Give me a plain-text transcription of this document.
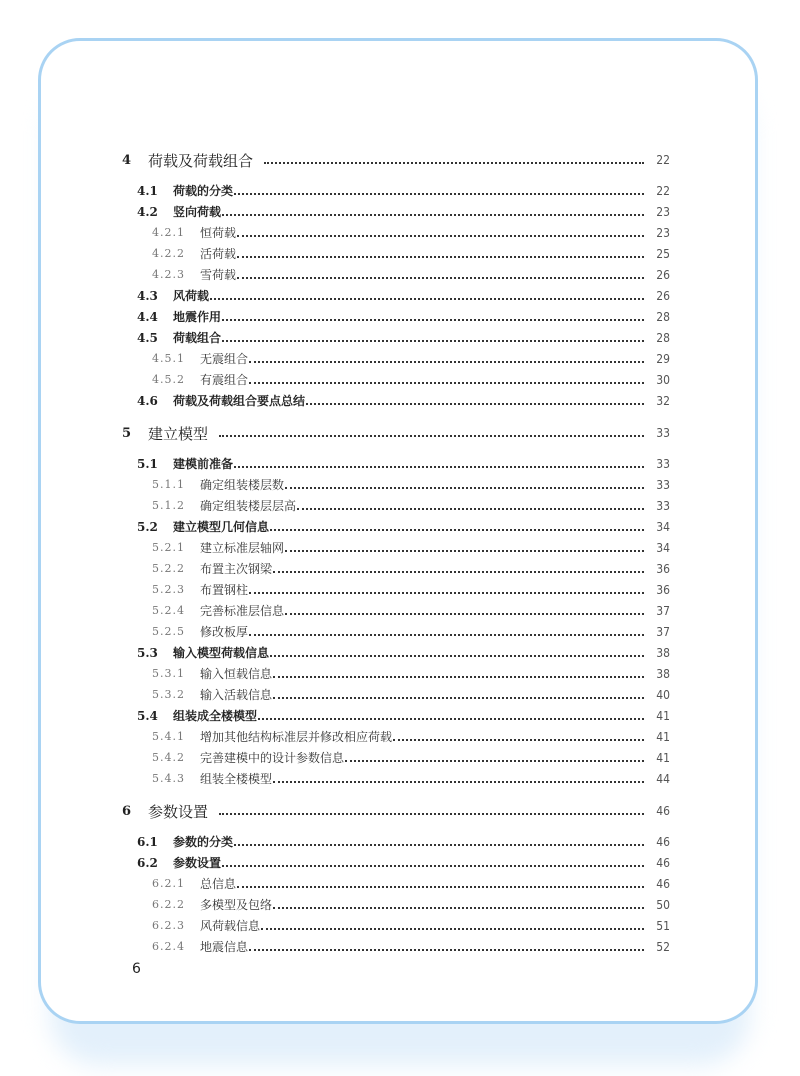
4	荷载及荷载组合	22
4.1	荷载的分类	22
4.2	竖向荷载	23
4.2.1	恒荷载	23
4.2.2	活荷载	25
4.2.3	雪荷载	26
4.3	风荷载	26
4.4	地震作用	28
4.5	荷载组合	28
4.5.1	无震组合	29
4.5.2	有震组合	30
4.6	荷载及荷载组合要点总结	32
5	建立模型	33
5.1	建模前准备	33
5.1.1	确定组装楼层数	33
5.1.2	确定组装楼层层高	33
5.2	建立模型几何信息	34
5.2.1	建立标准层轴网	34
5.2.2	布置主次钢梁	36
5.2.3	布置钢柱	36
5.2.4	完善标准层信息	37
5.2.5	修改板厚	37
5.3	输入模型荷载信息	38
5.3.1	输入恒载信息	38
5.3.2	输入活载信息	40
5.4	组装成全楼模型	41
5.4.1	增加其他结构标准层并修改相应荷载	41
5.4.2	完善建模中的设计参数信息	41
5.4.3	组装全楼模型	44
6	参数设置	46
6.1	参数的分类	46
6.2	参数设置	46
6.2.1	总信息	46
6.2.2	多模型及包络	50
6.2.3	风荷载信息	51
6.2.4	地震信息	52
6
